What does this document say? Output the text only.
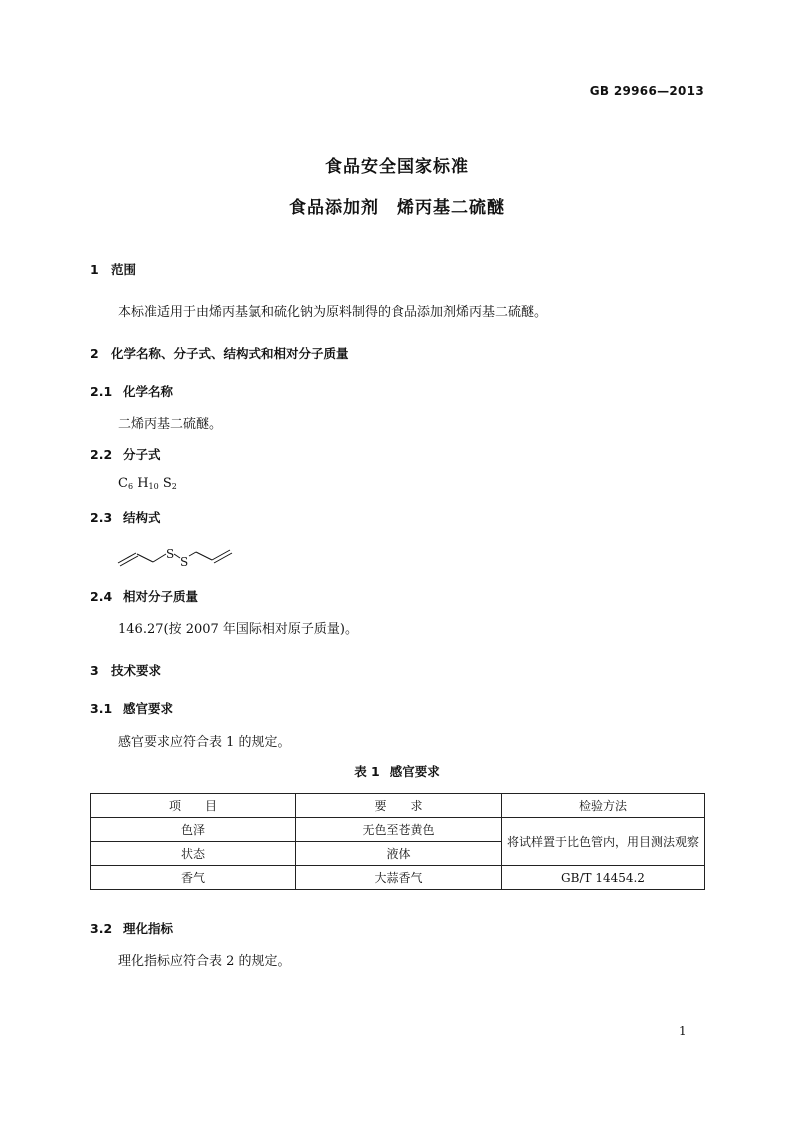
GB 29966—2013
食品安全国家标准
食品添加剂　烯丙基二硫醚
1 范围
本标准适用于由烯丙基氯和硫化钠为原料制得的食品添加剂烯丙基二硫醚。
2 化学名称、分子式、结构式和相对分子质量
2.1 化学名称
二烯丙基二硫醚。
2.2 分子式
$C_6$ $H_{10}$ $S_2$
2.3 结构式
S
S
2.4 相对分子质量
146.27(按 2007 年国际相对原子质量)。
3 技术要求
3.1 感官要求
感官要求应符合表 1 的规定。
表 1 感官要求
项　　目	要　　求	检验方法
色泽	无色至苍黄色	将试样置于比色管内，用目测法观察
状态	液体	
香气	大蒜香气	GB/T 14454.2
3.2 理化指标
理化指标应符合表 2 的规定。
1
